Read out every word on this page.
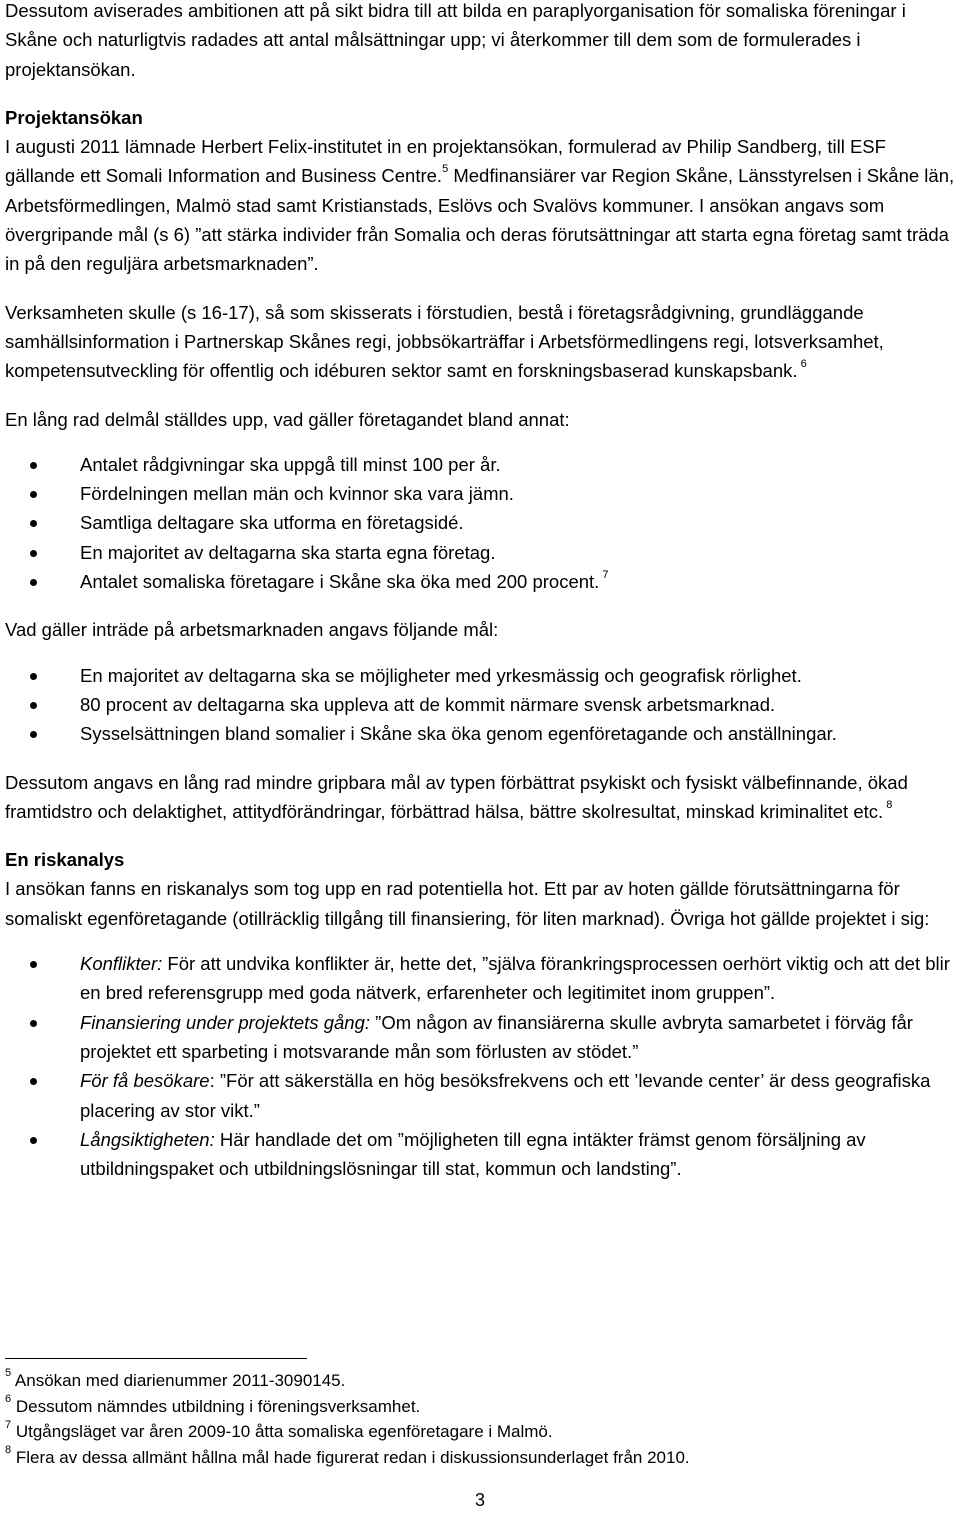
Dessutom aviserades ambitionen att på sikt bidra till att bilda en paraplyorganisation för somaliska föreningar i Skåne och naturligtvis radades att antal målsättningar upp; vi återkommer till dem som de formulerades i projektansökan.

Projektansökan

I augusti 2011 lämnade Herbert Felix-institutet in en projektansökan, formulerad av Philip Sandberg, till ESF gällande ett Somali Information and Business Centre.$^5$ Medfinansiärer var Region Skåne, Länsstyrelsen i Skåne län, Arbetsförmedlingen, Malmö stad samt Kristianstads, Eslövs och Svalövs kommuner. I ansökan angavs som övergripande mål (s 6) ”att stärka individer från Somalia och deras förutsättningar att starta egna företag samt träda in på den reguljära arbetsmarknaden”.

Verksamheten skulle (s 16-17), så som skisserats i förstudien, bestå i företagsrådgivning, grundläggande samhällsinformation i Partnerskap Skånes regi, jobbsökarträffar i Arbetsförmedlingens regi, lotsverksamhet, kompetensutveckling för offentlig och idéburen sektor samt en forskningsbaserad kunskapsbank. $^6$

En lång rad delmål ställdes upp, vad gäller företagandet bland annat:

Antalet rådgivningar ska uppgå till minst 100 per år.
Fördelningen mellan män och kvinnor ska vara jämn.
Samtliga deltagare ska utforma en företagsidé.
En majoritet av deltagarna ska starta egna företag.
Antalet somaliska företagare i Skåne ska öka med 200 procent. $^7$

Vad gäller inträde på arbetsmarknaden angavs följande mål:

En majoritet av deltagarna ska se möjligheter med yrkesmässig och geografisk rörlighet.
80 procent av deltagarna ska uppleva att de kommit närmare svensk arbetsmarknad.
Sysselsättningen bland somalier i Skåne ska öka genom egenföretagande och anställningar.

Dessutom angavs en lång rad mindre gripbara mål av typen förbättrat psykiskt och fysiskt välbefinnande, ökad framtidstro och delaktighet, attitydförändringar, förbättrad hälsa, bättre skolresultat, minskad kriminalitet etc. $^8$

En riskanalys

I ansökan fanns en riskanalys som tog upp en rad potentiella hot. Ett par av hoten gällde förutsättningarna för somaliskt egenföretagande (otillräcklig tillgång till finansiering, för liten marknad). Övriga hot gällde projektet i sig:

Konflikter: För att undvika konflikter är, hette det, ”själva förankringsprocessen oerhört viktig och att det blir en bred referensgrupp med goda nätverk, erfarenheter och legitimitet inom gruppen”.
Finansiering under projektets gång: ”Om någon av finansiärerna skulle avbryta samarbetet i förväg får projektet ett sparbeting i motsvarande mån som förlusten av stödet.”
För få besökare: ”För att säkerställa en hög besöksfrekvens och ett ’levande center’ är dess geografiska placering av stor vikt.”
Långsiktigheten: Här handlade det om ”möjligheten till egna intäkter främst genom försäljning av utbildningspaket och utbildningslösningar till stat, kommun och landsting”.

$^5$ Ansökan med diarienummer 2011-3090145.

$^6$ Dessutom nämndes utbildning i föreningsverksamhet.

$^7$ Utgångsläget var åren 2009-10 åtta somaliska egenföretagare i Malmö.

$^8$ Flera av dessa allmänt hållna mål hade figurerat redan i diskussionsunderlaget från 2010.

3
